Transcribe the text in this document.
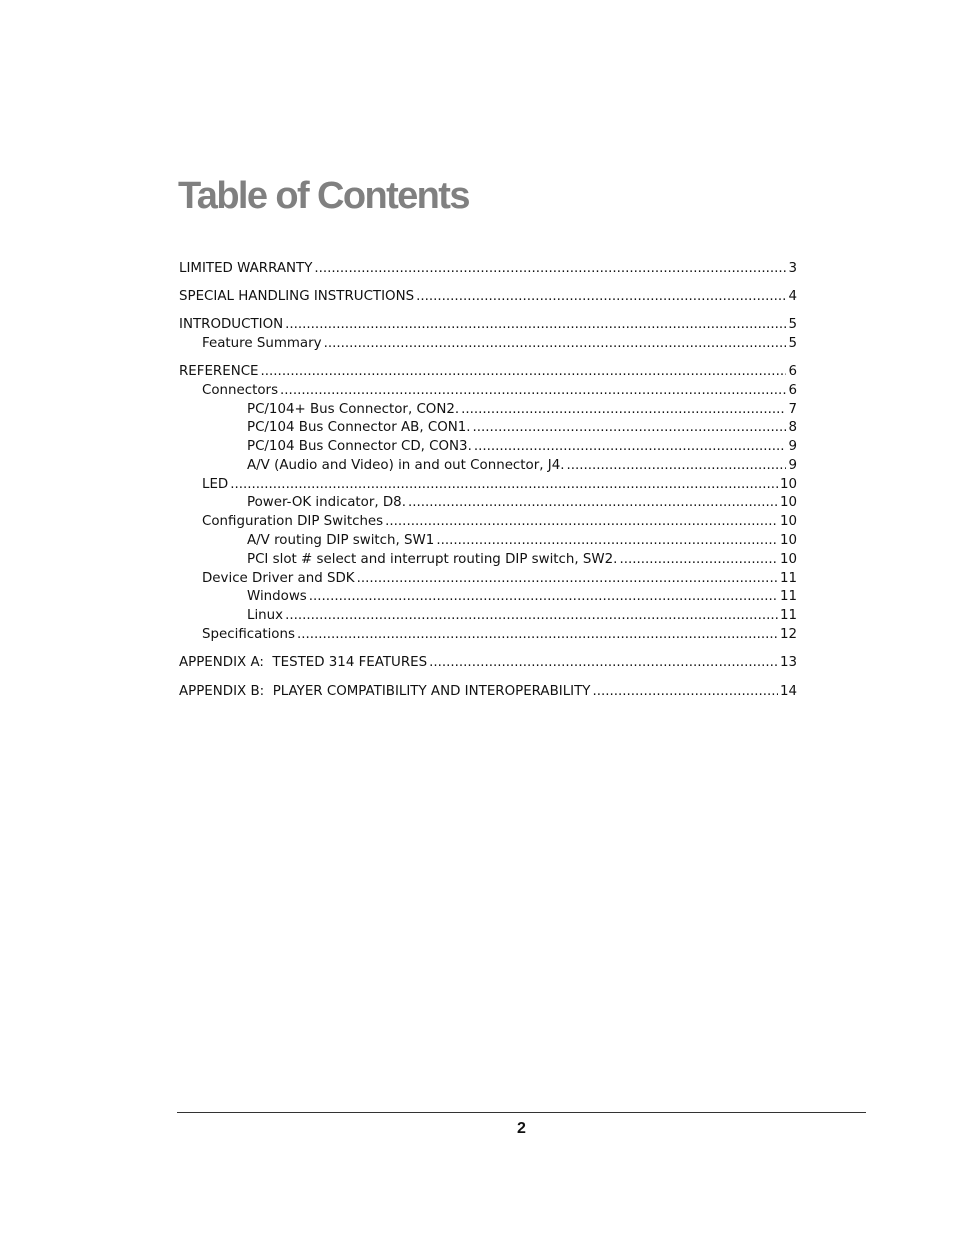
Table of Contents
LIMITED WARRANTY .....	3
SPECIAL HANDLING INSTRUCTIONS .....	4
INTRODUCTION .....	5
Feature Summary .....	5
REFERENCE .....	6
Connectors .....	6
PC/104+ Bus Connector, CON2. .....	7
PC/104 Bus Connector AB, CON1. .....	8
PC/104 Bus Connector CD, CON3. .....	9
A/V (Audio and Video) in and out Connector, J4. .....	9
LED .....	10
Power-OK indicator, D8. .....	10
Configuration DIP Switches .....	10
A/V routing DIP switch, SW1 .....	10
PCI slot # select and interrupt routing DIP switch, SW2. .....	10
Device Driver and SDK .....	11
Windows .....	11
Linux .....	11
Specifications .....	12
APPENDIX A:  TESTED 314 FEATURES .....	13
APPENDIX B:  PLAYER COMPATIBILITY AND INTEROPERABILITY .....	14
2
